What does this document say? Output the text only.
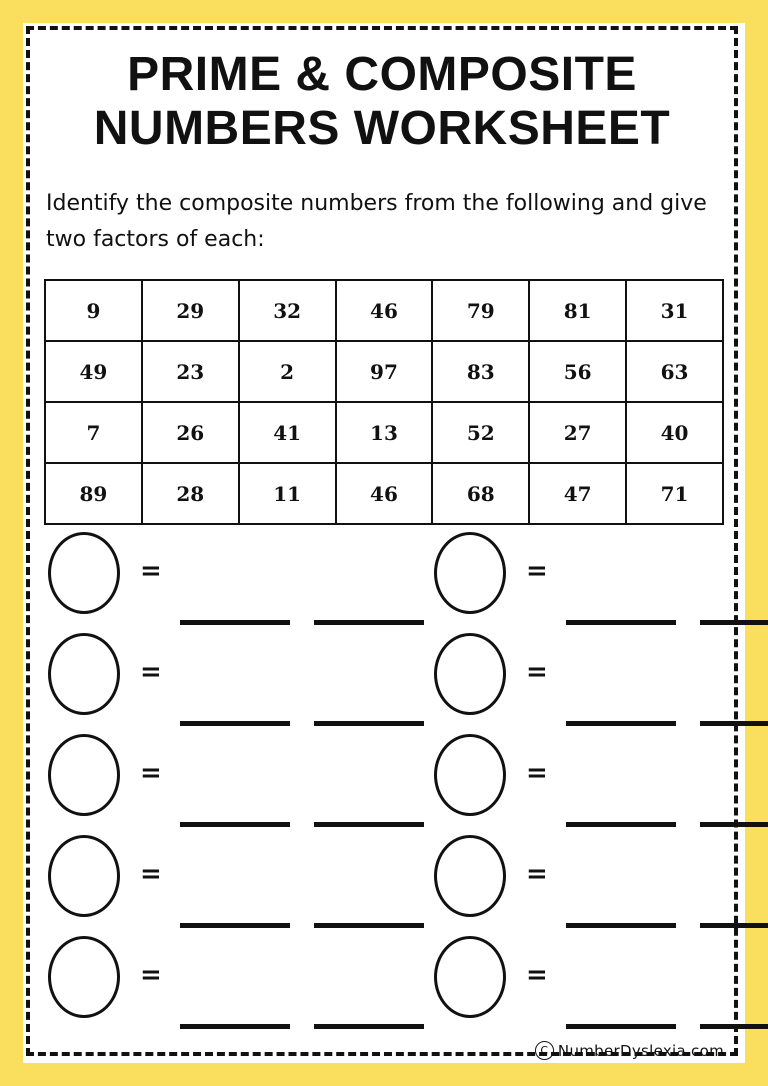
PRIME & COMPOSITE
NUMBERS WORKSHEET
Identify the composite numbers from the following and give two factors of each:
9	29	32	46	79	81	31
49	23	2	97	83	56	63
7	26	41	13	52	27	40
89	28	11	46	68	47	71
=
=
=
=
=
=
=
=
=
=
C NumberDyslexia.com
